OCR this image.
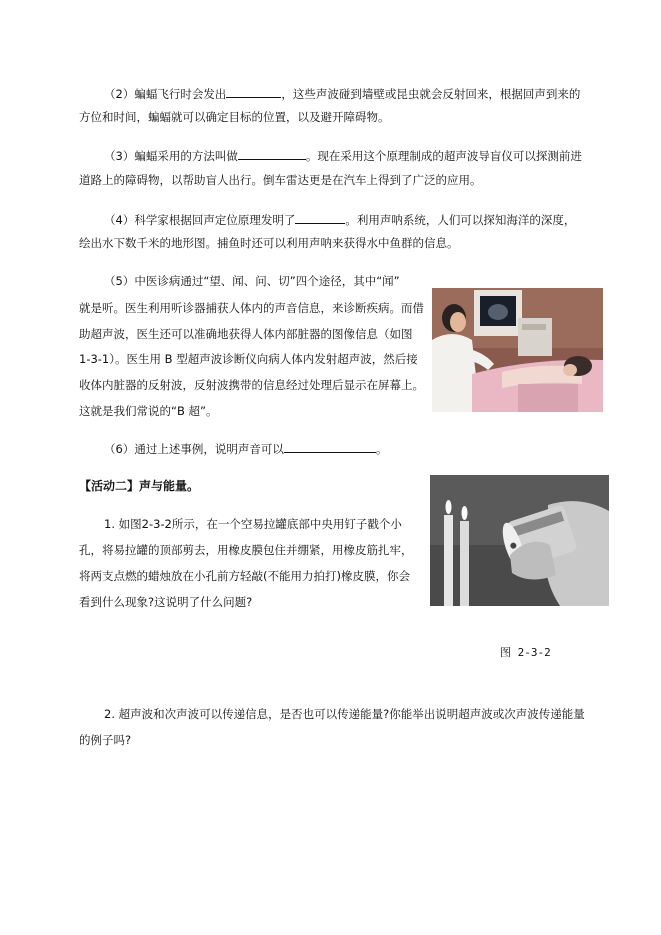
（2）蝙蝠飞行时会发出	，这些声波碰到墙壁或昆虫就会反射回来，根据回声到来的
方位和时间，蝙蝠就可以确定目标的位置，以及避开障碍物。
（3）蝙蝠采用的方法叫做	。现在采用这个原理制成的超声波导盲仪可以探测前进
道路上的障碍物，以帮助盲人出行。倒车雷达更是在汽车上得到了广泛的应用。
（4）科学家根据回声定位原理发明了	。利用声呐系统，人们可以探知海洋的深度，
绘出水下数千米的地形图。捕鱼时还可以利用声呐来获得水中鱼群的信息。
（5）中医诊病通过“望、闻、问、切”四个途径，其中“闻”
就是听。医生利用听诊器捕获人体内的声音信息，来诊断疾病。而借
助超声波，医生还可以准确地获得人体内部脏器的图像信息（如图
1-3-1）。医生用 B 型超声波诊断仪向病人体内发射超声波，然后接
收体内脏器的反射波，反射波携带的信息经过处理后显示在屏幕上。
这就是我们常说的“B 超”。
（6）通过上述事例，说明声音可以	。
【活动二】声与能量。
1. 如图2-3-2所示，在一个空易拉罐底部中央用钉子戳个小
孔，将易拉罐的顶部剪去，用橡皮膜包住并绷紧，用橡皮筋扎牢，
将两支点燃的蜡烛放在小孔前方轻敲(不能用力拍打)橡皮膜，你会
看到什么现象?这说明了什么问题?
图 2-3-2
2. 超声波和次声波可以传递信息，是否也可以传递能量?你能举出说明超声波或次声波传递能量
的例子吗?
